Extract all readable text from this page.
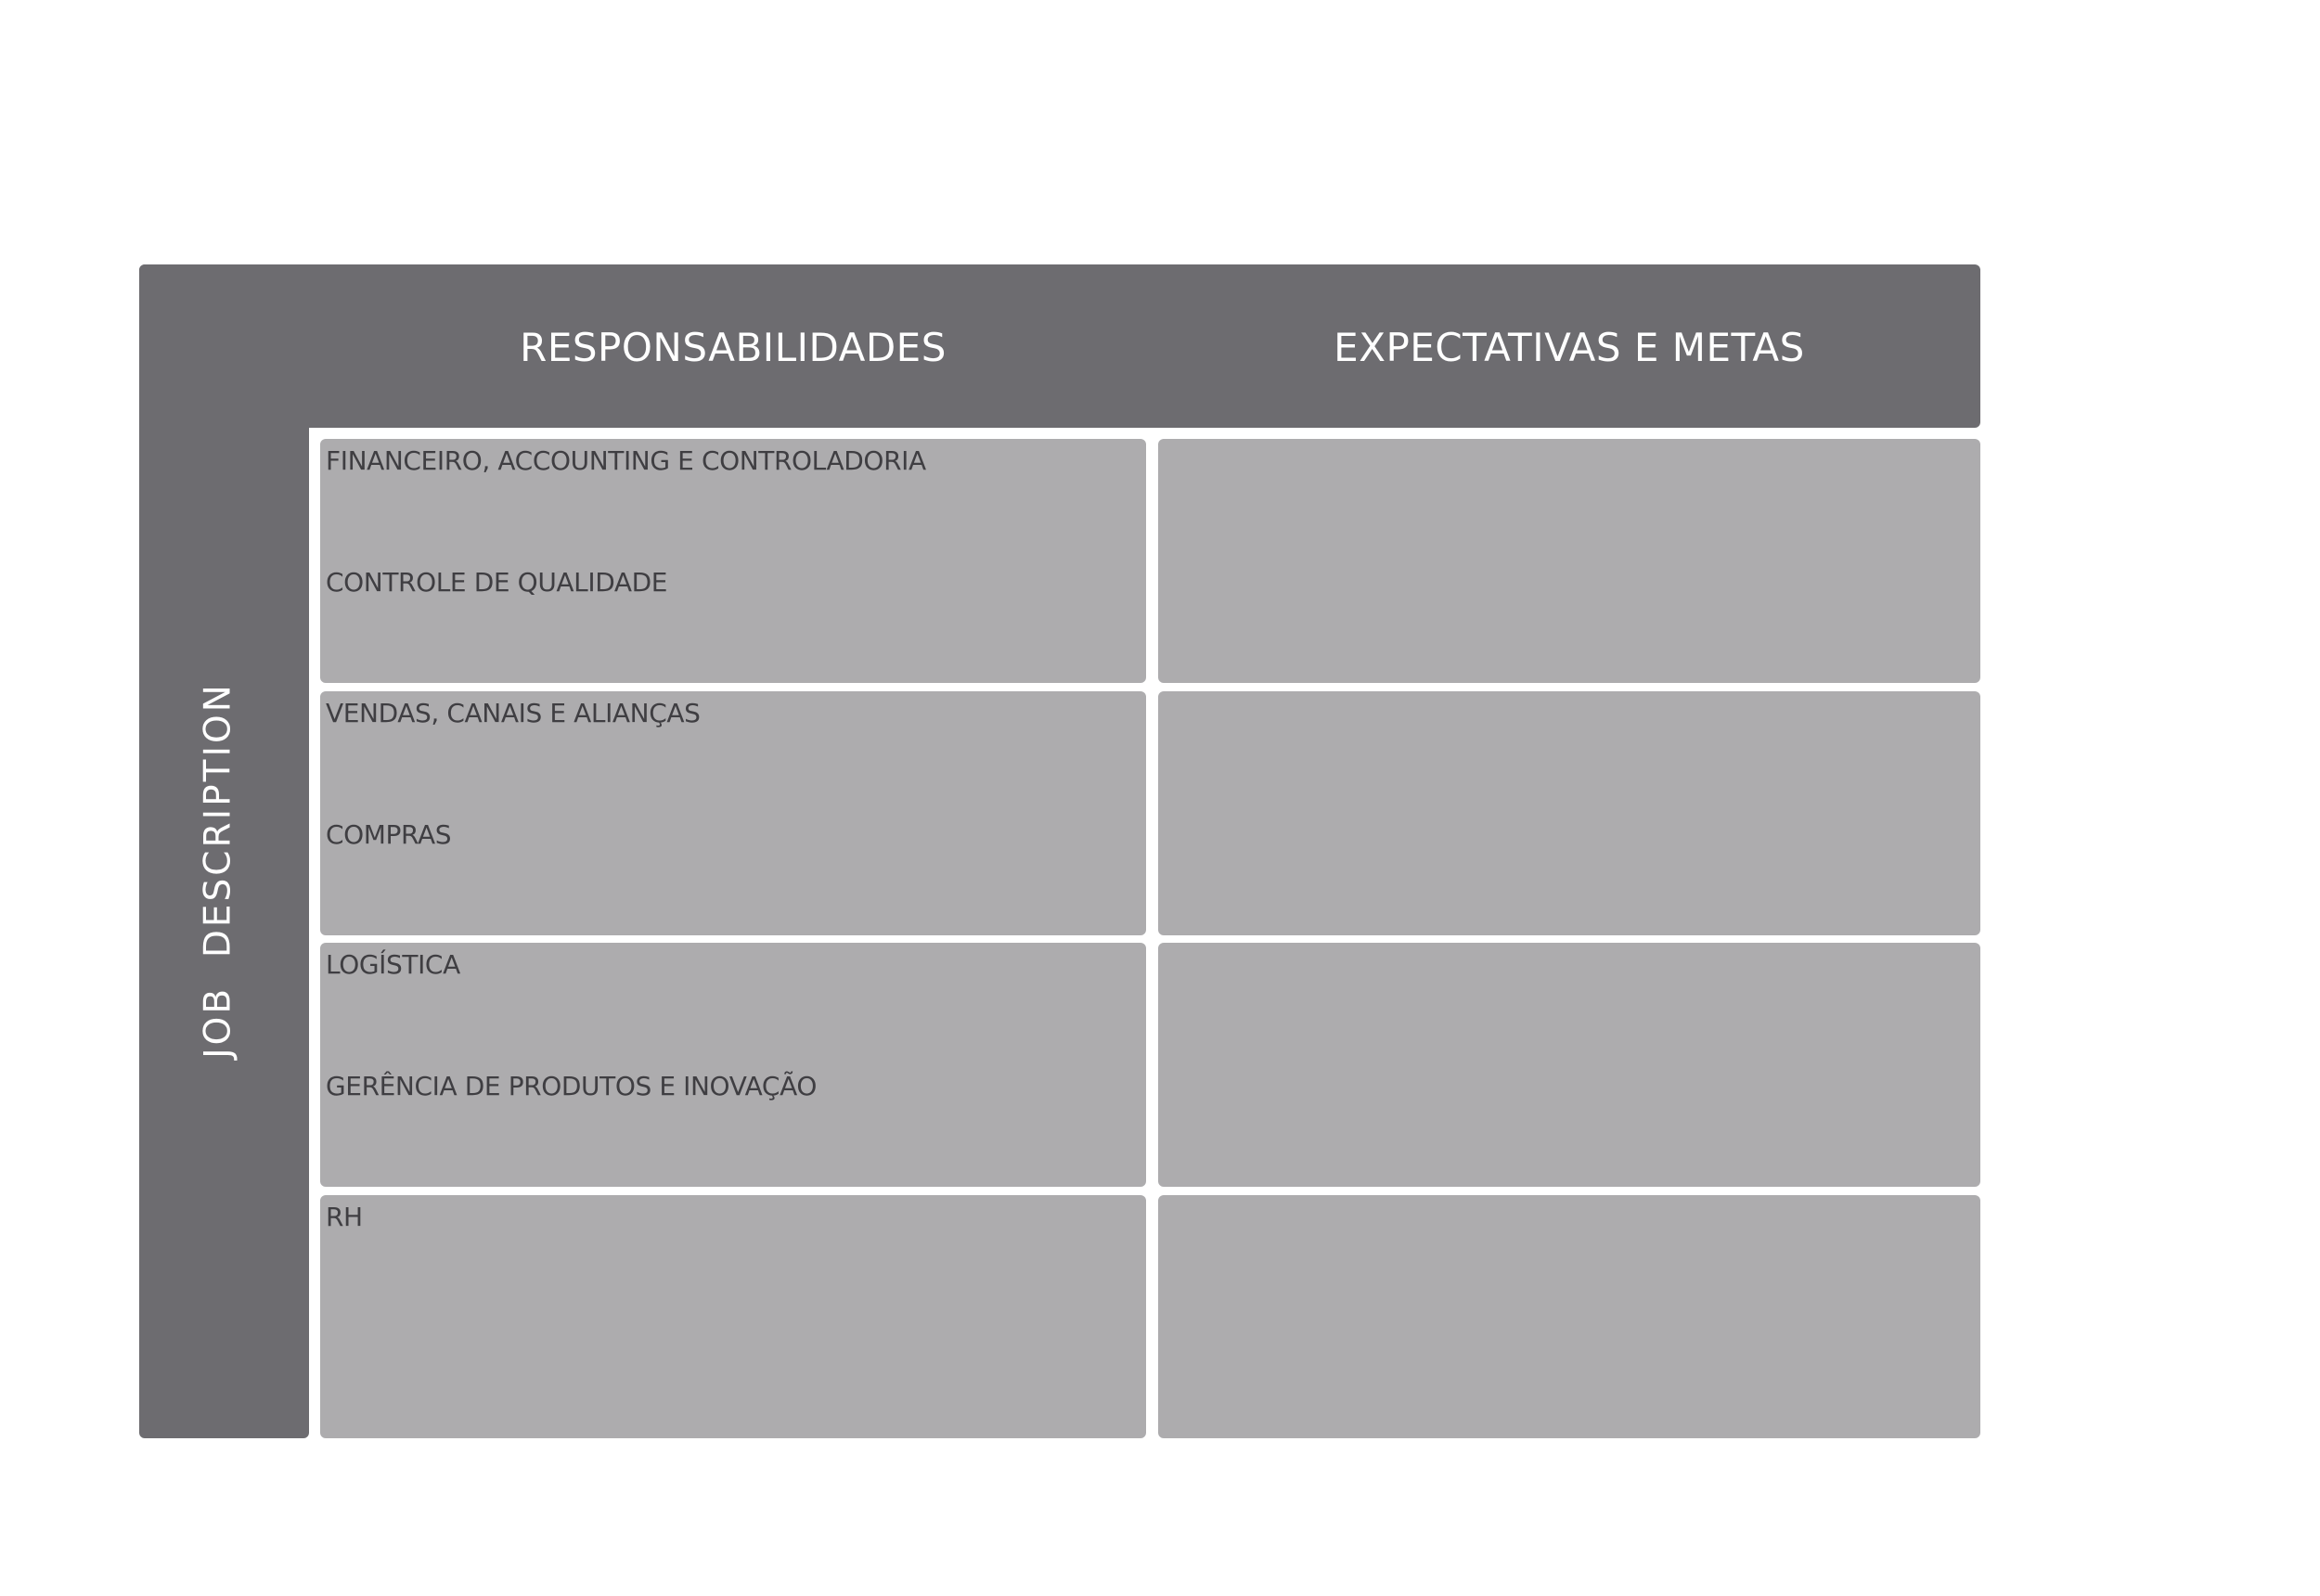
RESPONSABILIDADES	EXPECTATIVAS E METAS
JOB  DESCRIPTION
FINANCEIRO, ACCOUNTING E CONTROLADORIA
CONTROLE DE QUALIDADE
VENDAS, CANAIS E ALIANÇAS
COMPRAS
LOGÍSTICA
GERÊNCIA DE PRODUTOS E INOVAÇÃO
RH
